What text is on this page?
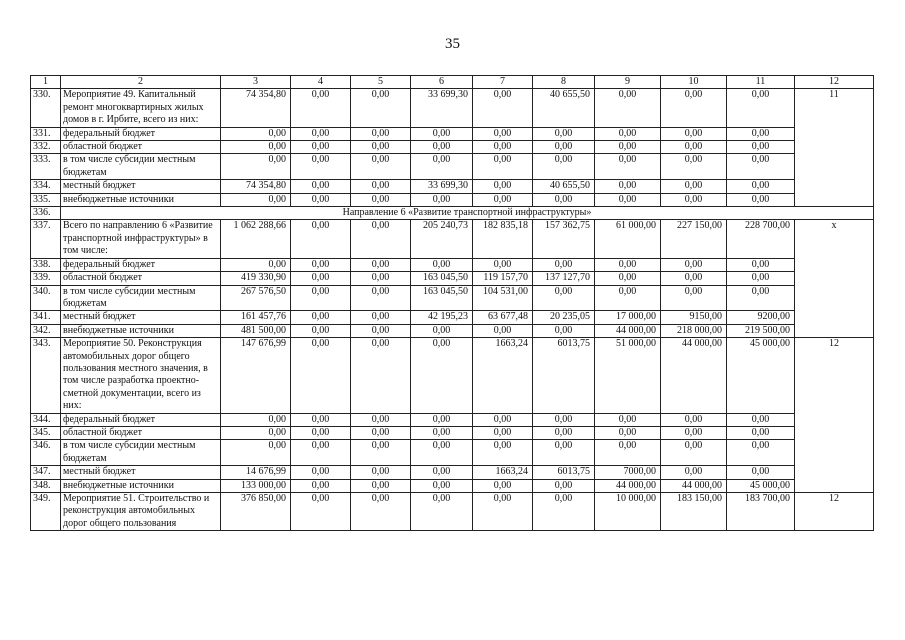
35
1	2	3	4	5	6	7	8	9	10	11	12
330.	Мероприятие 49. Капитальный ремонт многоквартирных жилых домов в г. Ирбите, всего из них:	74 354,80	0,00	0,00	33 699,30	0,00	40 655,50	0,00	0,00	0,00	11
331.	федеральный бюджет	0,00	0,00	0,00	0,00	0,00	0,00	0,00	0,00	0,00	
332.	областной бюджет	0,00	0,00	0,00	0,00	0,00	0,00	0,00	0,00	0,00	
333.	в том числе субсидии местным бюджетам	0,00	0,00	0,00	0,00	0,00	0,00	0,00	0,00	0,00	
334.	местный бюджет	74 354,80	0,00	0,00	33 699,30	0,00	40 655,50	0,00	0,00	0,00	
335.	внебюджетные источники	0,00	0,00	0,00	0,00	0,00	0,00	0,00	0,00	0,00	
336.	Направление 6 «Развитие транспортной инфраструктуры»										
337.	Всего по направлению 6 «Развитие транспортной инфраструктуры» в том числе:	1 062 288,66	0,00	0,00	205 240,73	182 835,18	157 362,75	61 000,00	227 150,00	228 700,00	х
338.	федеральный бюджет	0,00	0,00	0,00	0,00	0,00	0,00	0,00	0,00	0,00	
339.	областной бюджет	419 330,90	0,00	0,00	163 045,50	119 157,70	137 127,70	0,00	0,00	0,00	
340.	в том числе субсидии местным бюджетам	267 576,50	0,00	0,00	163 045,50	104 531,00	0,00	0,00	0,00	0,00	
341.	местный бюджет	161 457,76	0,00	0,00	42 195,23	63 677,48	20 235,05	17 000,00	9150,00	9200,00	
342.	внебюджетные источники	481 500,00	0,00	0,00	0,00	0,00	0,00	44 000,00	218 000,00	219 500,00	
343.	Мероприятие 50. Реконструкция автомобильных дорог общего пользования местного значения, в том числе разработка проектно-сметной документации, всего из них:	147 676,99	0,00	0,00	0,00	1663,24	6013,75	51 000,00	44 000,00	45 000,00	12
344.	федеральный бюджет	0,00	0,00	0,00	0,00	0,00	0,00	0,00	0,00	0,00	
345.	областной бюджет	0,00	0,00	0,00	0,00	0,00	0,00	0,00	0,00	0,00	
346.	в том числе субсидии местным бюджетам	0,00	0,00	0,00	0,00	0,00	0,00	0,00	0,00	0,00	
347.	местный бюджет	14 676,99	0,00	0,00	0,00	1663,24	6013,75	7000,00	0,00	0,00	
348.	внебюджетные источники	133 000,00	0,00	0,00	0,00	0,00	0,00	44 000,00	44 000,00	45 000,00	
349.	Мероприятие 51. Строительство и реконструкция автомобильных дорог общего пользования	376 850,00	0,00	0,00	0,00	0,00	0,00	10 000,00	183 150,00	183 700,00	12
